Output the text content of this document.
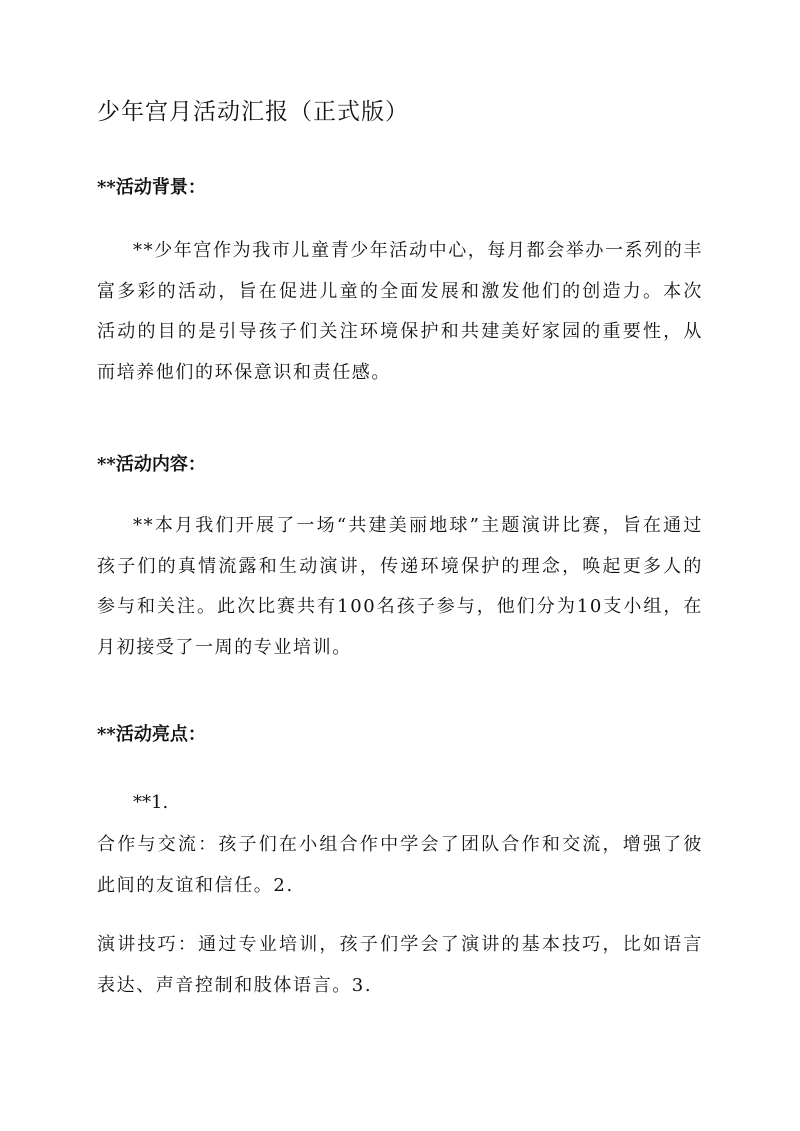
少年宫月活动汇报（正式版）
**活动背景：

**少年宫作为我市儿童青少年活动中心，每月都会举办一系列的丰富多彩的活动，旨在促进儿童的全面发展和激发他们的创造力。本次活动的目的是引导孩子们关注环境保护和共建美好家园的重要性，从而培养他们的环保意识和责任感。

**活动内容：

**本月我们开展了一场“共建美丽地球”主题演讲比赛，旨在通过孩子们的真情流露和生动演讲，传递环境保护的理念，唤起更多人的参与和关注。此次比赛共有100名孩子参与，他们分为10支小组，在月初接受了一周的专业培训。

**活动亮点：

**1.

合作与交流：孩子们在小组合作中学会了团队合作和交流，增强了彼此间的友谊和信任。2.

演讲技巧：通过专业培训，孩子们学会了演讲的基本技巧，比如语言表达、声音控制和肢体语言。3.
